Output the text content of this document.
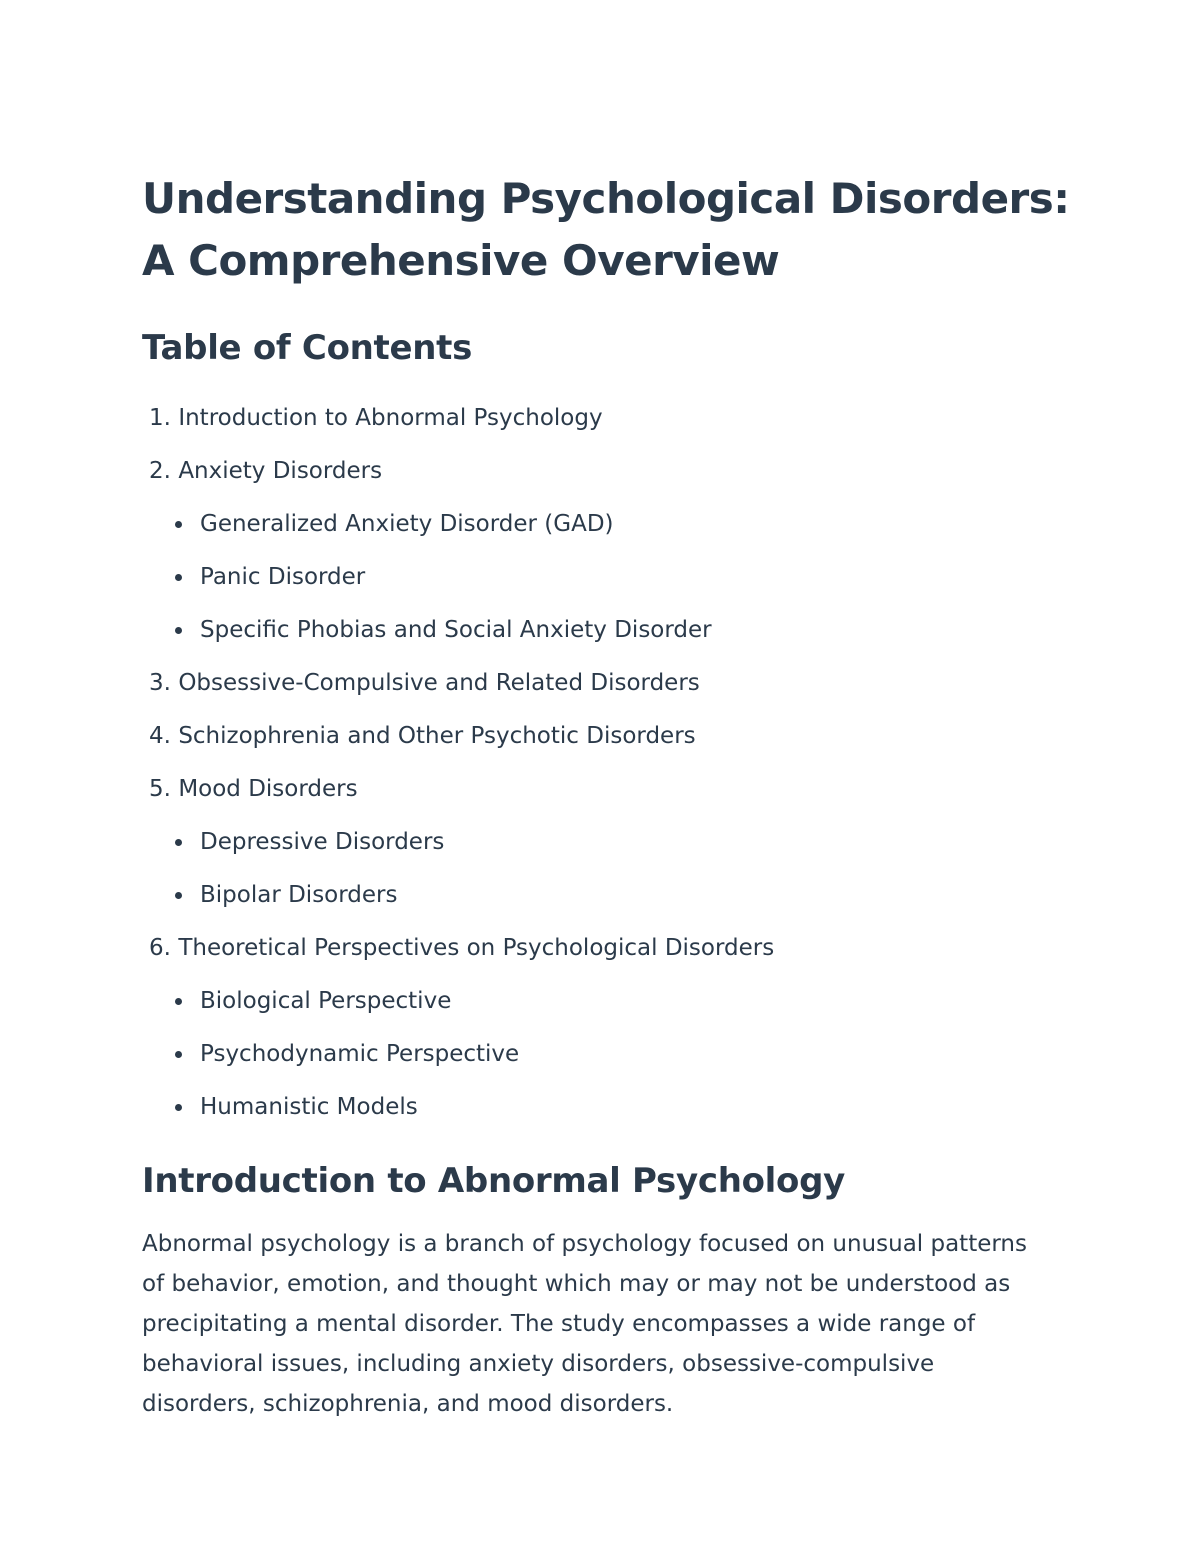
Understanding Psychological Disorders:
A Comprehensive Overview
Table of Contents
1. Introduction to Abnormal Psychology
2. Anxiety Disorders
Generalized Anxiety Disorder (GAD)
Panic Disorder
Specific Phobias and Social Anxiety Disorder
3. Obsessive-Compulsive and Related Disorders
4. Schizophrenia and Other Psychotic Disorders
5. Mood Disorders
Depressive Disorders
Bipolar Disorders
6. Theoretical Perspectives on Psychological Disorders
Biological Perspective
Psychodynamic Perspective
Humanistic Models
Introduction to Abnormal Psychology

Abnormal psychology is a branch of psychology focused on unusual patterns of behavior, emotion, and thought which may or may not be understood as precipitating a mental disorder. The study encompasses a wide range of behavioral issues, including anxiety disorders, obsessive-compulsive disorders, schizophrenia, and mood disorders.
